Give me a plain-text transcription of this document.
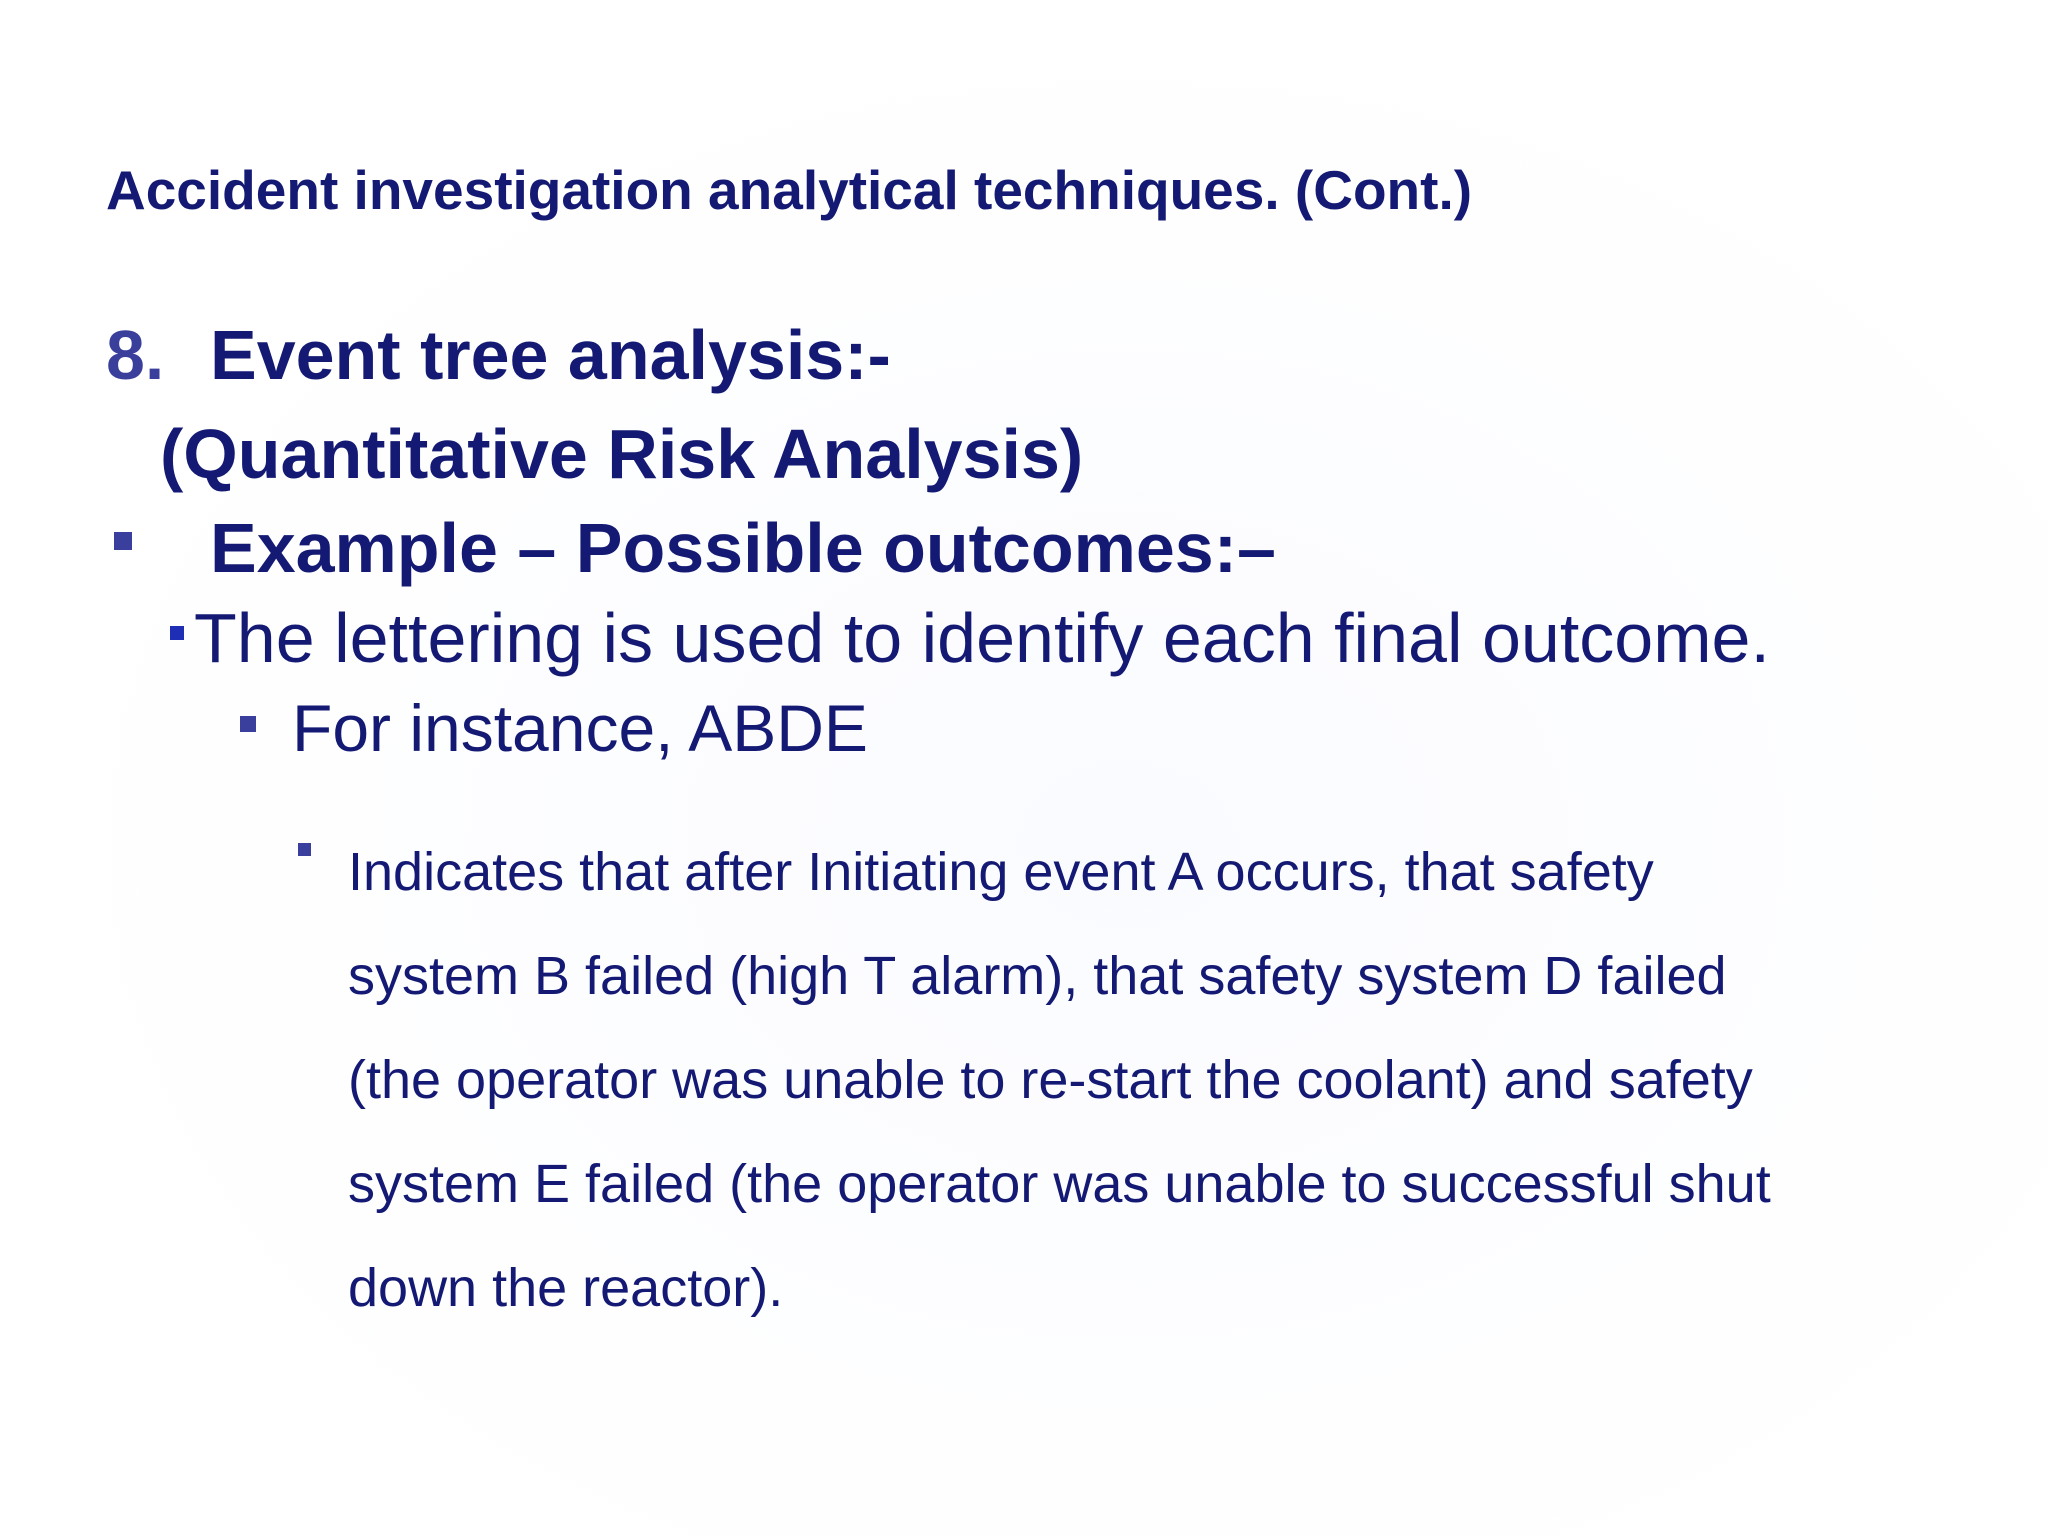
Accident investigation analytical techniques. (Cont.)
8. Event tree analysis:-
(Quantitative Risk Analysis)
Example – Possible outcomes:–
The lettering is used to identify each final outcome.
For instance, ABDE
Indicates that after Initiating event A occurs, that safety
system B failed (high T alarm), that safety system D failed
(the operator was unable to re-start the coolant) and safety
system E failed (the operator was unable to successful shut
down the reactor).
